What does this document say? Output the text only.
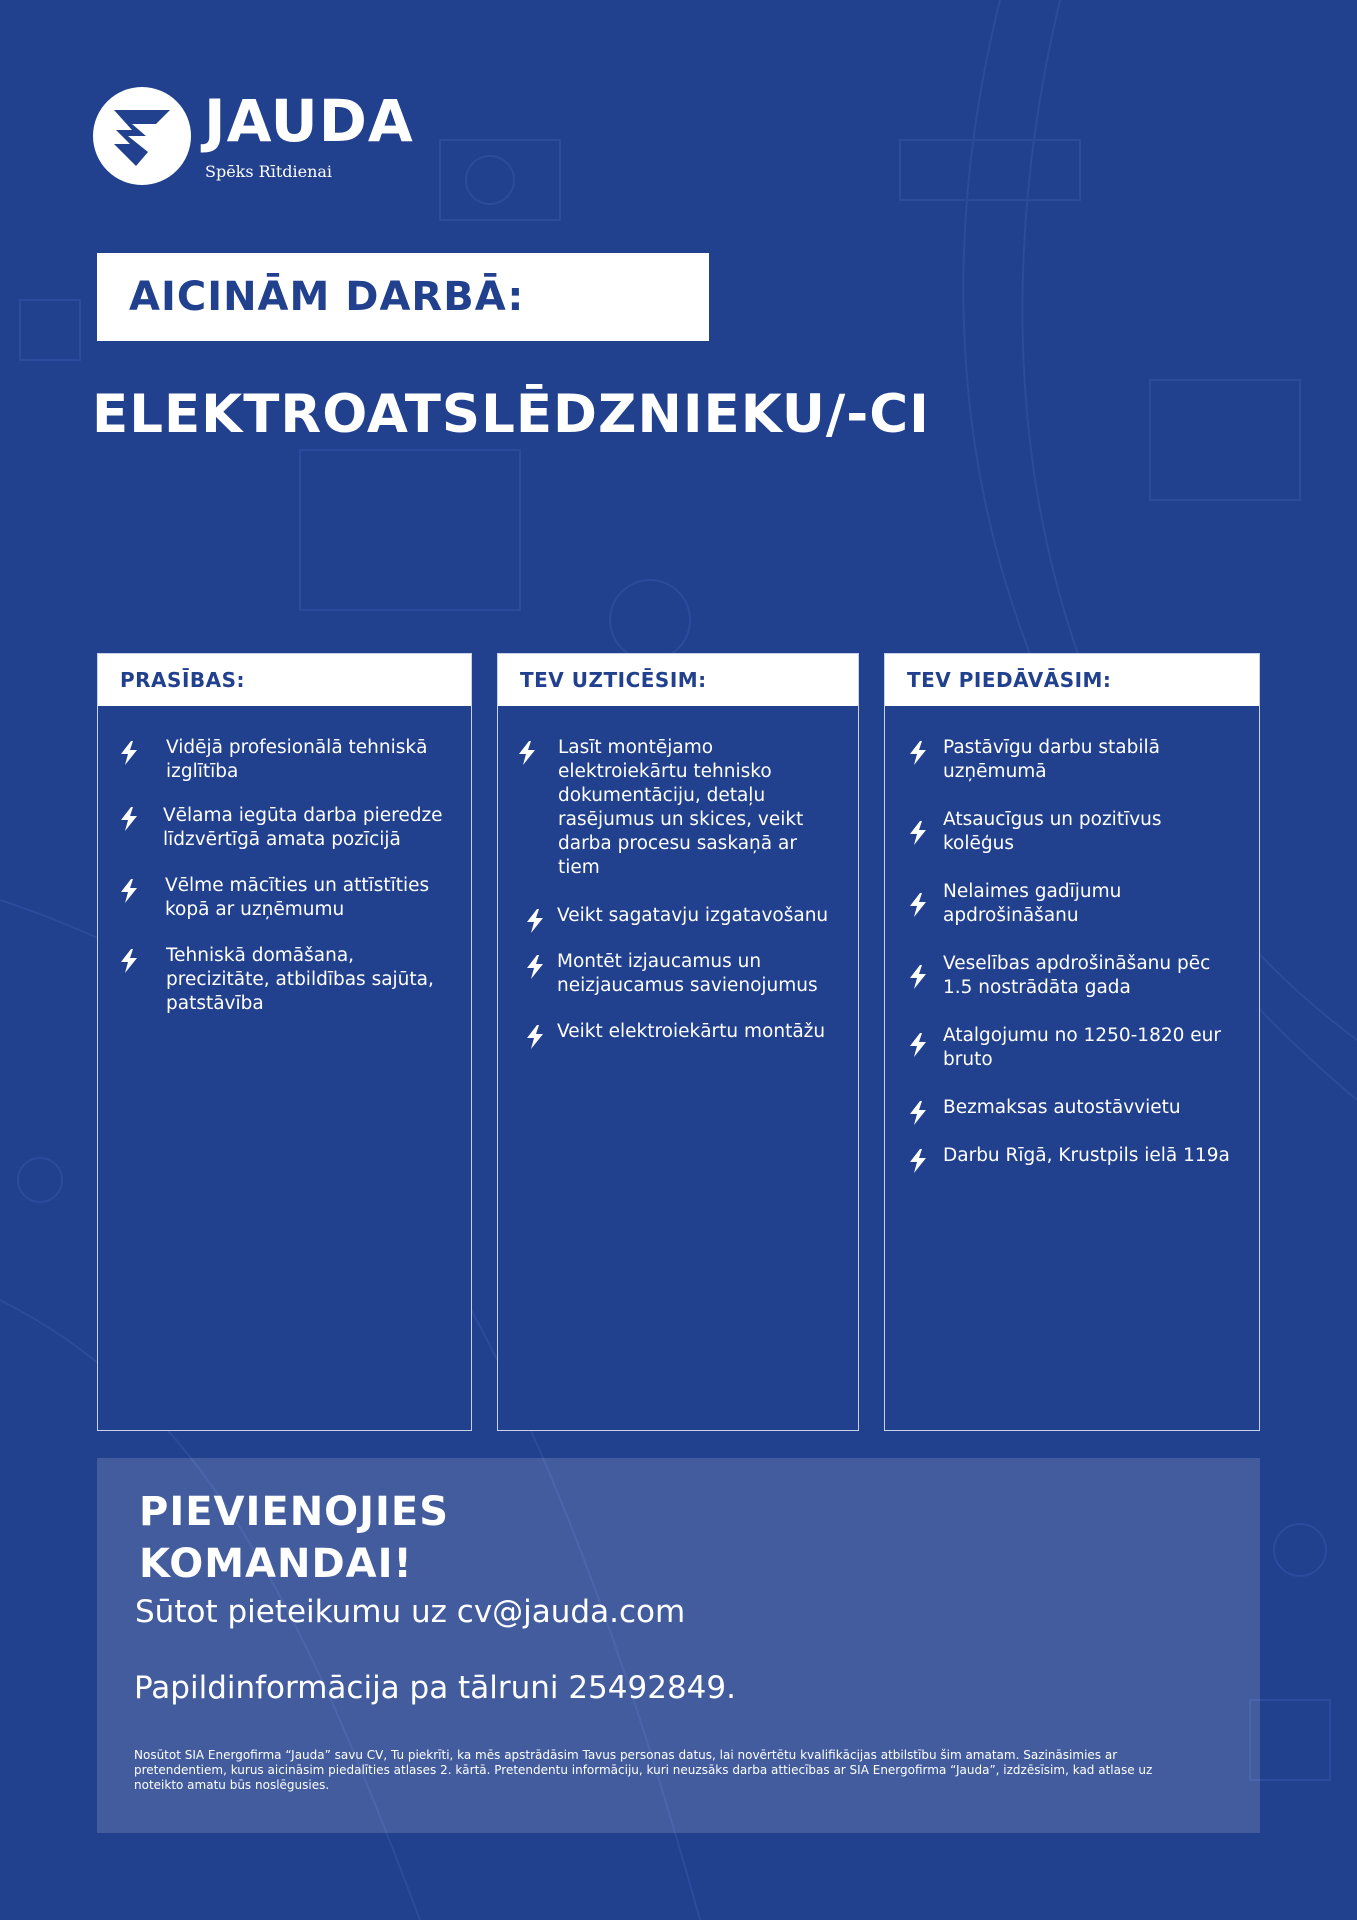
JAUDA
Spēks Rītdienai
AICINĀM DARBĀ:
ELEKTROATSLĒDZNIEKU/-CI
PRASĪBAS:
Vidējā profesionālā tehniskā
izglītība
Vēlama iegūta darba pieredze
līdzvērtīgā amata pozīcijā
Vēlme mācīties un attīstīties
kopā ar uzņēmumu
Tehniskā domāšana,
precizitāte, atbildības sajūta,
patstāvība
TEV UZTICĒSIM:
Lasīt montējamo
elektroiekārtu tehnisko
dokumentāciju, detaļu
rasējumus un skices, veikt
darba procesu saskaņā ar
tiem
Veikt sagatavju izgatavošanu
Montēt izjaucamus un
neizjaucamus savienojumus
Veikt elektroiekārtu montāžu
TEV PIEDĀVĀSIM:
Pastāvīgu darbu stabilā
uzņēmumā
Atsaucīgus un pozitīvus
kolēģus
Nelaimes gadījumu
apdrošināšanu
Veselības apdrošināšanu pēc
1.5 nostrādāta gada
Atalgojumu no 1250-1820 eur
bruto
Bezmaksas autostāvvietu
Darbu Rīgā, Krustpils ielā 119a
PIEVIENOJIES
KOMANDAI!
Sūtot pieteikumu uz cv@jauda.com
Papildinformācija pa tālruni 25492849.
Nosūtot SIA Energofirma “Jauda” savu CV, Tu piekrīti, ka mēs apstrādāsim Tavus personas datus, lai novērtētu kvalifikācijas atbilstību šim amatam. Sazināsimies ar
pretendentiem, kurus aicināsim piedalīties atlases 2. kārtā. Pretendentu informāciju, kuri neuzsāks darba attiecības ar SIA Energofirma “Jauda”, izdzēsīsim, kad atlase uz
noteikto amatu būs noslēgusies.
